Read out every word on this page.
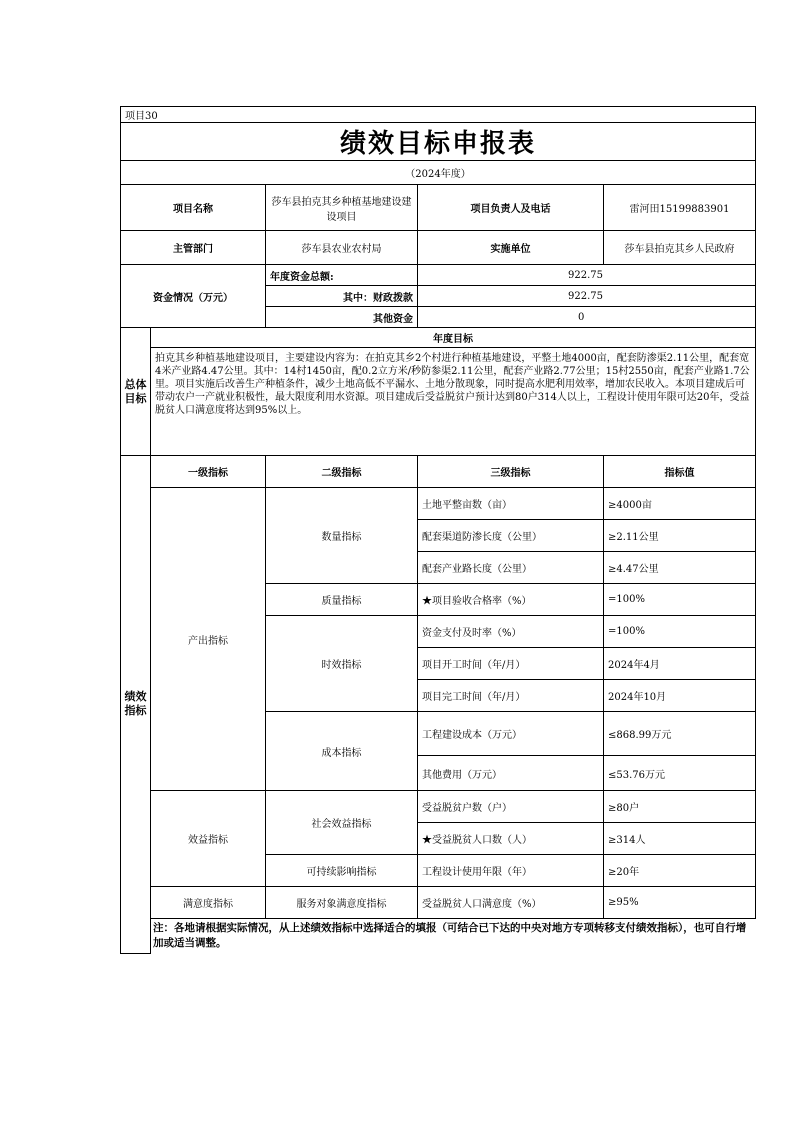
项目30				
绩效目标申报表				
（2024年度）				
项目名称		莎车县拍克其乡种植基地建设建设项目	项目负责人及电话	雷河田15199883901
主管部门		莎车县农业农村局	实施单位	莎车县拍克其乡人民政府
资金情况（万元）		年度资金总额:	922.75	
		其中：财政拨款	922.75	
		其他资金	0	
总体目标	年度目标			
	拍克其乡种植基地建设项目，主要建设内容为：在拍克其乡2个村进行种植基地建设，平整土地4000亩，配套防渗渠2.11公里，配套宽4米产业路4.47公里。其中：14村1450亩，配0.2立方米/秒防参渠2.11公里，配套产业路2.77公里；15村2550亩，配套产业路1.7公里。项目实施后改善生产种植条件，减少土地高低不平漏水、土地分散现象，同时提高水肥利用效率，增加农民收入。本项目建成后可带动农户一产就业积极性，最大限度利用水资源。项目建成后受益脱贫户预计达到80户314人以上，工程设计使用年限可达20年，受益脱贫人口满意度将达到95%以上。			
绩效指标	一级指标	二级指标	三级指标	指标值
	产出指标	数量指标	土地平整亩数（亩）	≥4000亩
			配套渠道防渗长度（公里）	≥2.11公里
			配套产业路长度（公里）	≥4.47公里
		质量指标	★项目验收合格率（%）	=100%
		时效指标	资金支付及时率（%）	=100%
			项目开工时间（年/月）	2024年4月
			项目完工时间（年/月）	2024年10月
		成本指标	工程建设成本（万元）	≤868.99万元
			其他费用（万元）	≤53.76万元
	效益指标	社会效益指标	受益脱贫户数（户）	≥80户
			★受益脱贫人口数（人）	≥314人
		可持续影响指标	工程设计使用年限（年）	≥20年
	满意度指标	服务对象满意度指标	受益脱贫人口满意度（%）	≥95%
	注：各地请根据实际情况，从上述绩效指标中选择适合的填报（可结合已下达的中央对地方专项转移支付绩效指标），也可自行增加或适当调整。			
